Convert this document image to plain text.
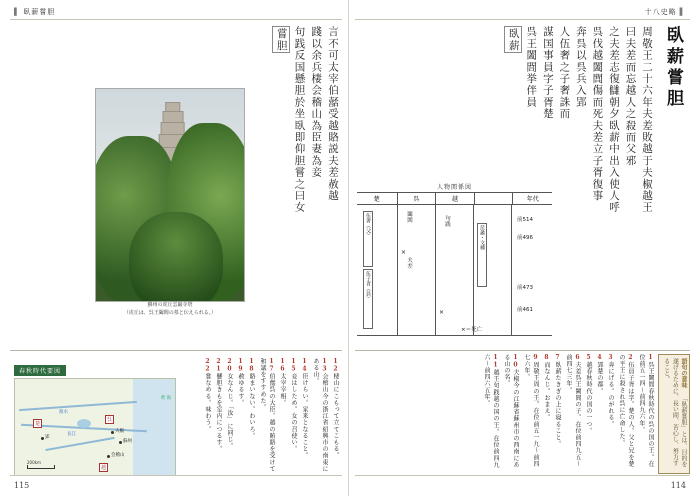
▌ 臥薪嘗胆
嘗胆 句践反国懸胆於坐臥即仰胆嘗之曰女 踐以余兵棲会稽山為臣妻為妾 言不可太宰伯嚭受越賂説夫差赦越
蘇州の虎丘雲巌寺塔
（虎丘は、呉王闔閭の墓と伝えられる。）
春秋時代要図
黄 海
郢
夫椒
蘇州
会稽山
楚
呉
越
淮水
長江
200km
12棲山にこもって立てこもる。
13会稽山今の浙江省紹興市の南東にある山。
14臣けらい。家来となること。
15妾はしため。女の召使い。
16太宰宰相。
17伯嚭呉の大臣。越の賄賂を受けて和議をすすめた。
18賂まいない。わいろ。
19赦ゆるす。
20女なんじ。「汝」に同じ。
21懸胆きもを室内につるす。
22嘗なめる。味わう。
115
十八史略 ▌
臥薪嘗胆
臥薪 呉王闔閭挙伴員 謀国事員字子胥楚 人伍奢之子奢誅而 奔呉以呉兵入郢 呉伐越闔閭傷而死夫差立子胥復事 之夫差志復讎朝夕臥薪中出入使人呼 曰夫差而忘越人之殺而父邪 周敬王二十六年夫差敗越于夫椒越王
人物関係図
楚	呉	越	年代
伍奢（父）
伍子胥（員）
范蠡・文種
闔閭
夫差
句践	前514
前496
前473
前461
×
×
×＝死亡
語句の意味 「臥薪嘗胆」とは、目的を遂げるために、長い間、苦心し、努力すること。
1呉王闔閭春秋時代の呉の国の王。在位前五一四〜前四九六年。
2伍員子胥は字。楚の人。父と兄を楚の平王に殺され呉に亡命した。
3奔にげる。のがれる。
4郢楚の都。
5越春秋時代の国の一つ。
6夫差呉王闔閭の子。在位前四九五〜前四七三年。
7臥薪たきぎの上に寝ること。
8而なんじ。おまえ。
9周敬王周の王。在位前五一九〜前四七六年。
10夫椒今の江蘇省蘇州市の西南にある山の名。
11越王句践越の国の王。在位前四九六〜前四六五年。
114
